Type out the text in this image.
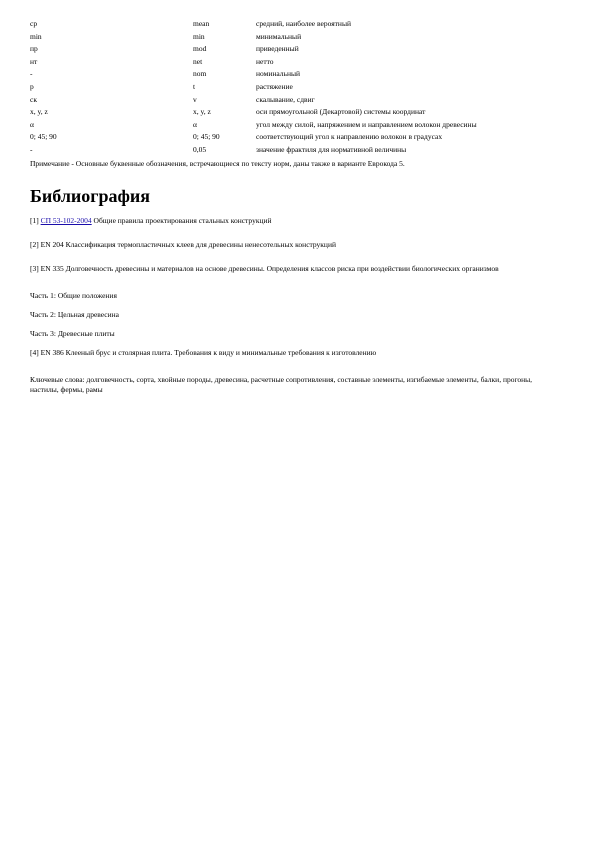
ср	mean	средний, наиболее вероятный
min	min	минимальный
пр	mod	приведенный
нт	net	нетто
-	nom	номинальный
р	t	растяжение
ск	v	скалывание, сдвиг
x, y, z	x, y, z	оси прямоугольной (Декартовой) системы координат
α	α	угол между силой, напряжением и направлением волокон древесины
0; 45; 90	0; 45; 90	соответствующий угол к направлению волокон в градусах
-	0,05	значение фрактиля для нормативной величины
Примечание - Основные буквенные обозначения, встречающиеся по тексту норм, даны также в варианте Еврокода 5.
Библиография

[1] СП 53-102-2004 Общие правила проектирования стальных конструкций

[2] EN 204 Классификация термопластичных клеев для древесины ненесотельных конструкций

[3] EN 335 Долговечность древесины и материалов на основе древесины. Определения классов риска при воздействии биологических организмов

Часть 1: Общие положения

Часть 2: Цельная древесина

Часть 3: Древесные плиты

[4] EN 386 Клееный брус и столярная плита. Требования к виду и минимальные требования к изготовлению

Ключевые слова: долговечность, сорта, хвойные породы, древесина, расчетные сопротивления, составные элементы, изгибаемые элементы, балки, прогоны, настилы, фермы, рамы
